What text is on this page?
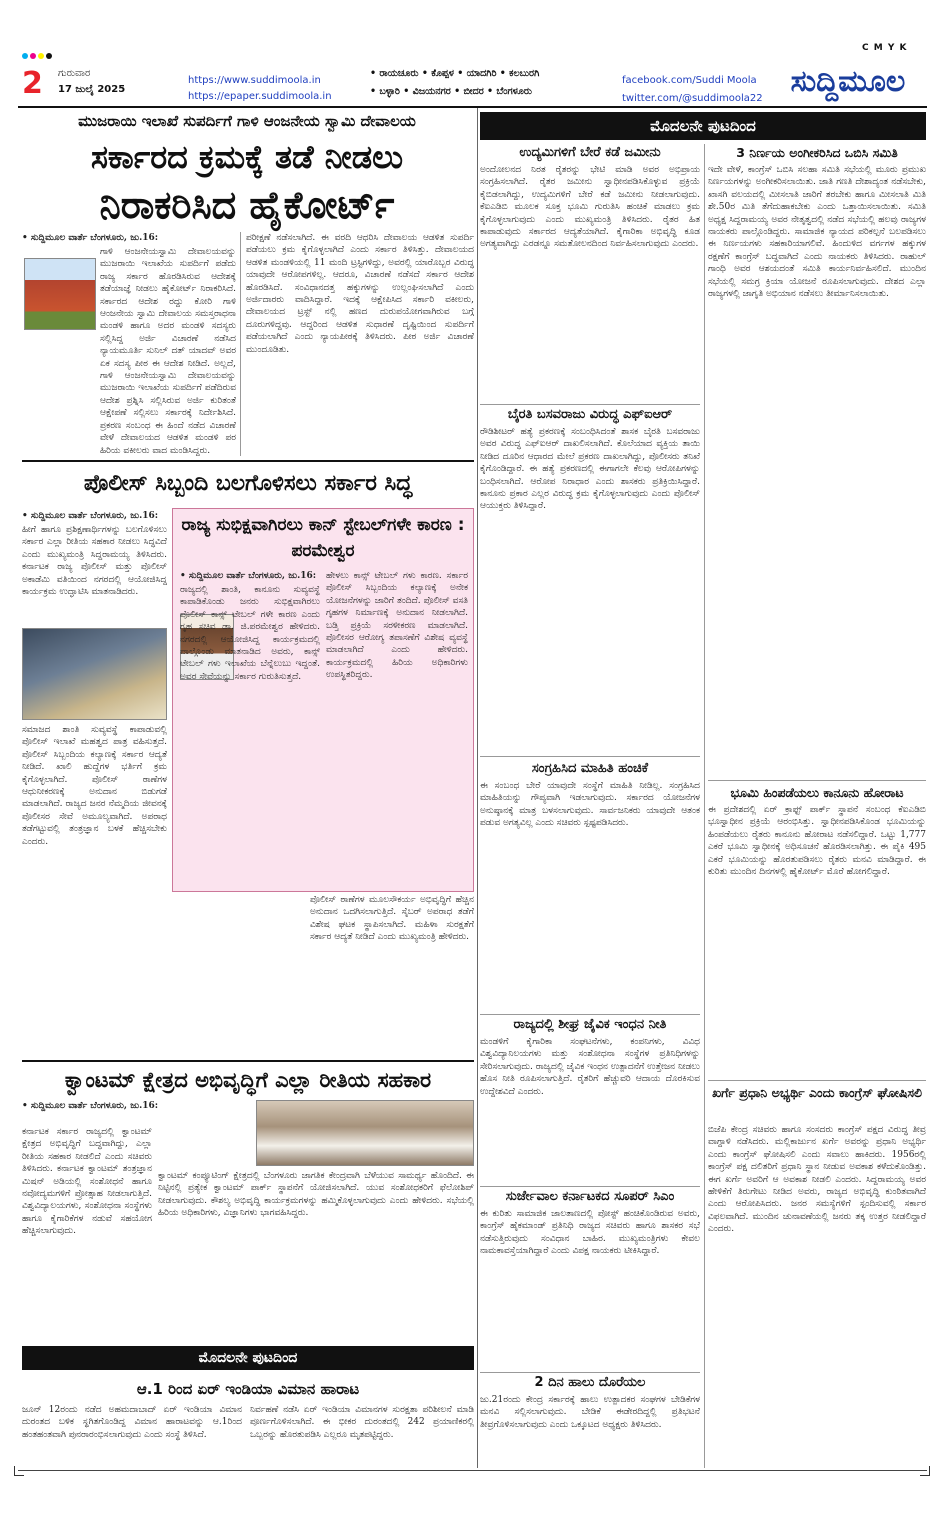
C M Y K
2	ಗುರುವಾರ
17 ಜುಲೈ 2025
https://www.suddimoola.in
https://epaper.suddimoola.in
• ರಾಯಚೂರು • ಕೊಪ್ಪಳ • ಯಾದಗಿರಿ • ಕಲಬುರಗಿ
• ಬಳ್ಳಾರಿ • ವಿಜಯನಗರ • ಬೀದರ • ಬೆಂಗಳೂರು
facebook.com/Suddi Moola
twitter.com/@suddimoola22 ಸುದ್ದಿಮೂಲ
ಮುಜರಾಯಿ ಇಲಾಖೆ ಸುಪರ್ದಿಗೆ ಗಾಳಿ ಆಂಜನೇಯ ಸ್ವಾಮಿ ದೇವಾಲಯ
ಸರ್ಕಾರದ ಕ್ರಮಕ್ಕೆ ತಡೆ ನೀಡಲು
ನಿರಾಕರಿಸಿದ ಹೈಕೋರ್ಟ್
• ಸುದ್ದಿಮೂಲ ವಾರ್ತೆ ಬೆಂಗಳೂರು, ಜು.16:
ಗಾಳಿ ಆಂಜನೇಯಸ್ವಾಮಿ ದೇವಾಲಯವನ್ನು ಮುಜರಾಯಿ ಇಲಾಖೆಯ ಸುಪರ್ದಿಗೆ ಪಡೆದು ರಾಜ್ಯ ಸರ್ಕಾರ ಹೊರಡಿಸಿರುವ ಆದೇಶಕ್ಕೆ ತಡೆಯಾಜ್ಞೆ ನೀಡಲು ಹೈಕೋರ್ಟ್ ನಿರಾಕರಿಸಿದೆ. ಸರ್ಕಾರದ ಆದೇಶ ರದ್ದು ಕೋರಿ ಗಾಳಿ ಆಂಜನೇಯ ಸ್ವಾಮಿ ದೇವಾಲಯ ಸಮಸ್ತರಾಧನಾ ಮಂಡಳಿ ಹಾಗೂ ಅದರ ಮಂಡಳಿ ಸದಸ್ಯರು ಸಲ್ಲಿಸಿದ್ದ ಅರ್ಜಿ ವಿಚಾರಣೆ ನಡೆಸಿದ ನ್ಯಾಯಮೂರ್ತಿ ಸುನಿಲ್ ದತ್ ಯಾದವ್ ಅವರ ಏಕ ಸದಸ್ಯ ಪೀಠ ಈ ಆದೇಶ ನೀಡಿದೆ. ಅಲ್ಲದೆ, ಗಾಳಿ ಆಂಜನೇಯಸ್ವಾಮಿ ದೇವಾಲಯವನ್ನು ಮುಜರಾಯಿ ಇಲಾಖೆಯ ಸುಪರ್ದಿಗೆ ಪಡೆದಿರುವ ಆದೇಶ ಪ್ರಶ್ನಿಸಿ ಸಲ್ಲಿಸಿರುವ ಅರ್ಜಿ ಕುರಿತಂತೆ ಆಕ್ಷೇಪಣೆ ಸಲ್ಲಿಸಲು ಸರ್ಕಾರಕ್ಕೆ ನಿರ್ದೇಶಿಸಿದೆ. ಪ್ರಕರಣ ಸಂಬಂಧ ಈ ಹಿಂದೆ ನಡೆದ ವಿಚಾರಣೆ ವೇಳೆ ದೇವಾಲಯದ ಆಡಳಿತ ಮಂಡಳಿ ಪರ ಹಿರಿಯ ವಕೀಲರು ವಾದ ಮಂಡಿಸಿದ್ದರು.
ಪರೀಕ್ಷಣೆ ನಡೆಸಲಾಗಿದೆ. ಈ ವರದಿ ಆಧರಿಸಿ ದೇವಾಲಯ ಆಡಳಿತ ಸುಪರ್ದಿ ಪಡೆಯಲು ಕ್ರಮ ಕೈಗೊಳ್ಳಲಾಗಿದೆ ಎಂದು ಸರ್ಕಾರ ತಿಳಿಸಿತ್ತು. ದೇವಾಲಯದ ಆಡಳಿತ ಮಂಡಳಿಯಲ್ಲಿ 11 ಮಂದಿ ಟ್ರಸ್ಟಿಗಳಿದ್ದು, ಅವರಲ್ಲಿ ಯಾರೊಬ್ಬರ ವಿರುದ್ಧ ಯಾವುದೇ ಆರೋಪಗಳಿಲ್ಲ. ಆದರೂ, ವಿಚಾರಣೆ ನಡೆಸದೆ ಸರ್ಕಾರ ಆದೇಶ ಹೊರಡಿಸಿದೆ. ಸಂವಿಧಾನದತ್ತ ಹಕ್ಕುಗಳನ್ನು ಉಲ್ಲಂಘಿಸಲಾಗಿದೆ ಎಂದು ಅರ್ಜಿದಾರರು ವಾದಿಸಿದ್ದಾರೆ. ಇದಕ್ಕೆ ಆಕ್ಷೇಪಿಸಿದ ಸರ್ಕಾರಿ ವಕೀಲರು, ದೇವಾಲಯದ ಟ್ರಸ್ಟ್ ನಲ್ಲಿ ಹಣದ ದುರುಪಯೋಗವಾಗಿರುವ ಬಗ್ಗೆ ದೂರುಗಳಿದ್ದವು. ಆದ್ದರಿಂದ ಆಡಳಿತ ಸುಧಾರಣೆ ದೃಷ್ಟಿಯಿಂದ ಸುಪರ್ದಿಗೆ ಪಡೆಯಲಾಗಿದೆ ಎಂದು ನ್ಯಾಯಪೀಠಕ್ಕೆ ತಿಳಿಸಿದರು. ಪೀಠ ಅರ್ಜಿ ವಿಚಾರಣೆ ಮುಂದೂಡಿತು.
ಪೊಲೀಸ್ ಸಿಬ್ಬಂದಿ ಬಲಗೊಳಿಸಲು ಸರ್ಕಾರ ಸಿದ್ಧ
• ಸುದ್ದಿಮೂಲ ವಾರ್ತೆ ಬೆಂಗಳೂರು, ಜು.16:
ಹೀಗೆ ಹಾಗೂ ಪ್ರಶಿಕ್ಷಣಾರ್ಥಿಗಳನ್ನು ಬಲಗೊಳಿಸಲು ಸರ್ಕಾರ ಎಲ್ಲಾ ರೀತಿಯ ಸಹಕಾರ ನೀಡಲು ಸಿದ್ಧವಿದೆ ಎಂದು ಮುಖ್ಯಮಂತ್ರಿ ಸಿದ್ದರಾಮಯ್ಯ ತಿಳಿಸಿದರು. ಕರ್ನಾಟಕ ರಾಜ್ಯ ಪೊಲೀಸ್ ಮತ್ತು ಪೊಲೀಸ್ ಅಕಾಡೆಮಿ ವತಿಯಿಂದ ನಗರದಲ್ಲಿ ಆಯೋಜಿಸಿದ್ದ ಕಾರ್ಯಕ್ರಮ ಉದ್ಘಾಟಿಸಿ ಮಾತನಾಡಿದರು.
ಸಮಾಜದ ಶಾಂತಿ ಸುವ್ಯವಸ್ಥೆ ಕಾಪಾಡುವಲ್ಲಿ ಪೊಲೀಸ್ ಇಲಾಖೆ ಮಹತ್ವದ ಪಾತ್ರ ವಹಿಸುತ್ತದೆ. ಪೊಲೀಸ್ ಸಿಬ್ಬಂದಿಯ ಕಲ್ಯಾಣಕ್ಕೆ ಸರ್ಕಾರ ಆದ್ಯತೆ ನೀಡಿದೆ. ಖಾಲಿ ಹುದ್ದೆಗಳ ಭರ್ತಿಗೆ ಕ್ರಮ ಕೈಗೊಳ್ಳಲಾಗಿದೆ. ಪೊಲೀಸ್ ಠಾಣೆಗಳ ಆಧುನೀಕರಣಕ್ಕೆ ಅನುದಾನ ಬಿಡುಗಡೆ ಮಾಡಲಾಗಿದೆ. ರಾಜ್ಯದ ಜನರ ನೆಮ್ಮದಿಯ ಜೀವನಕ್ಕೆ ಪೊಲೀಸರ ಸೇವೆ ಅಮೂಲ್ಯವಾಗಿದೆ. ಅಪರಾಧ ತಡೆಗಟ್ಟುವಲ್ಲಿ ತಂತ್ರಜ್ಞಾನ ಬಳಕೆ ಹೆಚ್ಚಿಸಬೇಕು ಎಂದರು.
ಪೊಲೀಸ್ ಠಾಣೆಗಳ ಮೂಲಸೌಕರ್ಯ ಅಭಿವೃದ್ಧಿಗೆ ಹೆಚ್ಚಿನ ಅನುದಾನ ಒದಗಿಸಲಾಗುತ್ತಿದೆ. ಸೈಬರ್ ಅಪರಾಧ ತಡೆಗೆ ವಿಶೇಷ ಘಟಕ ಸ್ಥಾಪಿಸಲಾಗಿದೆ. ಮಹಿಳಾ ಸುರಕ್ಷತೆಗೆ ಸರ್ಕಾರ ಆದ್ಯತೆ ನೀಡಿದೆ ಎಂದು ಮುಖ್ಯಮಂತ್ರಿ ಹೇಳಿದರು.
ರಾಜ್ಯ ಸುಭಿಕ್ಷವಾಗಿರಲು ಕಾನ್ ಸ್ಟೇಬಲ್‌ಗಳೇ ಕಾರಣ : ಪರಮೇಶ್ವರ
• ಸುದ್ದಿಮೂಲ ವಾರ್ತೆ ಬೆಂಗಳೂರು, ಜು.16:
ರಾಜ್ಯದಲ್ಲಿ ಶಾಂತಿ, ಕಾನೂನು ಸುವ್ಯವಸ್ಥೆ ಕಾಪಾಡಿಕೊಂಡು ಜನರು ಸುಭಿಕ್ಷವಾಗಿರಲು ಪೊಲೀಸ್ ಕಾನ್ಸ್ ಟೇಬಲ್ ಗಳೇ ಕಾರಣ ಎಂದು ಗೃಹ ಸಚಿವ ಡಾ. ಜಿ.ಪರಮೇಶ್ವರ ಹೇಳಿದರು. ನಗರದಲ್ಲಿ ಆಯೋಜಿಸಿದ್ದ ಕಾರ್ಯಕ್ರಮದಲ್ಲಿ ಪಾಲ್ಗೊಂಡು ಮಾತನಾಡಿದ ಅವರು, ಕಾನ್ಸ್ ಟೇಬಲ್ ಗಳು ಇಲಾಖೆಯ ಬೆನ್ನೆಲುಬು ಇದ್ದಂತೆ. ಅವರ ಸೇವೆಯನ್ನು ಸರ್ಕಾರ ಗುರುತಿಸುತ್ತದೆ.
ಹೇಳಲು ಕಾನ್ಸ್ ಟೇಬಲ್ ಗಳು ಕಾರಣ. ಸರ್ಕಾರ ಪೊಲೀಸ್ ಸಿಬ್ಬಂದಿಯ ಕಲ್ಯಾಣಕ್ಕೆ ಅನೇಕ ಯೋಜನೆಗಳನ್ನು ಜಾರಿಗೆ ತಂದಿದೆ. ಪೊಲೀಸ್ ವಸತಿ ಗೃಹಗಳ ನಿರ್ಮಾಣಕ್ಕೆ ಅನುದಾನ ನೀಡಲಾಗಿದೆ. ಬಡ್ತಿ ಪ್ರಕ್ರಿಯೆ ಸರಳೀಕರಣ ಮಾಡಲಾಗಿದೆ. ಪೊಲೀಸರ ಆರೋಗ್ಯ ತಪಾಸಣೆಗೆ ವಿಶೇಷ ವ್ಯವಸ್ಥೆ ಮಾಡಲಾಗಿದೆ ಎಂದು ಹೇಳಿದರು. ಕಾರ್ಯಕ್ರಮದಲ್ಲಿ ಹಿರಿಯ ಅಧಿಕಾರಿಗಳು ಉಪಸ್ಥಿತರಿದ್ದರು.
ಕ್ವಾಂಟಮ್ ಕ್ಷೇತ್ರದ ಅಭಿವೃದ್ಧಿಗೆ ಎಲ್ಲಾ ರೀತಿಯ ಸಹಕಾರ
• ಸುದ್ದಿಮೂಲ ವಾರ್ತೆ ಬೆಂಗಳೂರು, ಜು.16:
ಕರ್ನಾಟಕ ಸರ್ಕಾರ ರಾಜ್ಯದಲ್ಲಿ ಕ್ವಾಂಟಮ್ ಕ್ಷೇತ್ರದ ಅಭಿವೃದ್ಧಿಗೆ ಬದ್ಧವಾಗಿದ್ದು, ಎಲ್ಲಾ ರೀತಿಯ ಸಹಕಾರ ನೀಡಲಿದೆ ಎಂದು ಸಚಿವರು ತಿಳಿಸಿದರು. ಕರ್ನಾಟಕ ಕ್ವಾಂಟಮ್ ತಂತ್ರಜ್ಞಾನ ಮಿಷನ್ ಅಡಿಯಲ್ಲಿ ಸಂಶೋಧನೆ ಹಾಗೂ ನವೋದ್ಯಮಗಳಿಗೆ ಪ್ರೋತ್ಸಾಹ ನೀಡಲಾಗುತ್ತಿದೆ. ವಿಶ್ವವಿದ್ಯಾಲಯಗಳು, ಸಂಶೋಧನಾ ಸಂಸ್ಥೆಗಳು ಹಾಗೂ ಕೈಗಾರಿಕೆಗಳ ನಡುವೆ ಸಹಯೋಗ ಹೆಚ್ಚಿಸಲಾಗುವುದು.
ಕ್ವಾಂಟಮ್ ಕಂಪ್ಯೂಟಿಂಗ್ ಕ್ಷೇತ್ರದಲ್ಲಿ ಬೆಂಗಳೂರು ಜಾಗತಿಕ ಕೇಂದ್ರವಾಗಿ ಬೆಳೆಯುವ ಸಾಮರ್ಥ್ಯ ಹೊಂದಿದೆ. ಈ ನಿಟ್ಟಿನಲ್ಲಿ ಪ್ರತ್ಯೇಕ ಕ್ವಾಂಟಮ್ ಪಾರ್ಕ್ ಸ್ಥಾಪನೆಗೆ ಯೋಜಿಸಲಾಗಿದೆ. ಯುವ ಸಂಶೋಧಕರಿಗೆ ಫೆಲೋಶಿಪ್ ನೀಡಲಾಗುವುದು. ಕೌಶಲ್ಯ ಅಭಿವೃದ್ಧಿ ಕಾರ್ಯಕ್ರಮಗಳನ್ನು ಹಮ್ಮಿಕೊಳ್ಳಲಾಗುವುದು ಎಂದು ಹೇಳಿದರು. ಸಭೆಯಲ್ಲಿ ಹಿರಿಯ ಅಧಿಕಾರಿಗಳು, ವಿಜ್ಞಾನಿಗಳು ಭಾಗವಹಿಸಿದ್ದರು.
ಮೊದಲನೇ ಪುಟದಿಂದ
ಆ.1 ರಿಂದ ಏರ್ ಇಂಡಿಯಾ ವಿಮಾನ ಹಾರಾಟ
ಜೂನ್ 12ರಂದು ನಡೆದ ಅಹಮದಾಬಾದ್ ಏರ್ ಇಂಡಿಯಾ ವಿಮಾನ ದುರಂತದ ಬಳಿಕ ಸ್ಥಗಿತಗೊಂಡಿದ್ದ ವಿಮಾನ ಹಾರಾಟವನ್ನು ಆ.1ರಿಂದ ಹಂತಹಂತವಾಗಿ ಪುನರಾರಂಭಿಸಲಾಗುವುದು ಎಂದು ಸಂಸ್ಥೆ ತಿಳಿಸಿದೆ.
ನಿರ್ವಹಣೆ ನಡೆಸಿ ಏರ್ ಇಂಡಿಯಾ ವಿಮಾನಗಳ ಸುರಕ್ಷತಾ ಪರಿಶೀಲನೆ ಮಾಡಿ ಪೂರ್ಣಗೊಳಿಸಲಾಗಿದೆ. ಈ ಭೀಕರ ದುರಂತದಲ್ಲಿ 242 ಪ್ರಯಾಣಿಕರಲ್ಲಿ ಒಬ್ಬರನ್ನು ಹೊರತುಪಡಿಸಿ ಎಲ್ಲರೂ ಮೃತಪಟ್ಟಿದ್ದರು.
ಮೊದಲನೇ ಪುಟದಿಂದ
ಉದ್ಯಮಿಗಳಿಗೆ ಬೇರೆ ಕಡೆ ಜಮೀನು
ಅಂದೋಲನದ ನಿರತ ರೈತರನ್ನು ಭೇಟಿ ಮಾಡಿ ಅವರ ಅಭಿಪ್ರಾಯ ಸಂಗ್ರಹಿಸಲಾಗಿದೆ. ರೈತರ ಜಮೀನು ಸ್ವಾಧೀನಪಡಿಸಿಕೊಳ್ಳುವ ಪ್ರಕ್ರಿಯೆ ಕೈಬಿಡಲಾಗಿದ್ದು, ಉದ್ಯಮಿಗಳಿಗೆ ಬೇರೆ ಕಡೆ ಜಮೀನು ನೀಡಲಾಗುವುದು. ಕೆಐಎಡಿಬಿ ಮೂಲಕ ಸೂಕ್ತ ಭೂಮಿ ಗುರುತಿಸಿ ಹಂಚಿಕೆ ಮಾಡಲು ಕ್ರಮ ಕೈಗೊಳ್ಳಲಾಗುವುದು ಎಂದು ಮುಖ್ಯಮಂತ್ರಿ ತಿಳಿಸಿದರು. ರೈತರ ಹಿತ ಕಾಪಾಡುವುದು ಸರ್ಕಾರದ ಆದ್ಯತೆಯಾಗಿದೆ. ಕೈಗಾರಿಕಾ ಅಭಿವೃದ್ಧಿ ಕೂಡ ಅಗತ್ಯವಾಗಿದ್ದು ಎರಡನ್ನೂ ಸಮತೋಲನದಿಂದ ನಿರ್ವಹಿಸಲಾಗುವುದು ಎಂದರು.
ಬೈರತಿ ಬಸವರಾಜು ವಿರುದ್ಧ ಎಫ್ಐಆರ್
ರೌಡಿಶೀಟರ್ ಹತ್ಯೆ ಪ್ರಕರಣಕ್ಕೆ ಸಂಬಂಧಿಸಿದಂತೆ ಶಾಸಕ ಬೈರತಿ ಬಸವರಾಜು ಅವರ ವಿರುದ್ಧ ಎಫ್ಐಆರ್ ದಾಖಲಿಸಲಾಗಿದೆ. ಕೊಲೆಯಾದ ವ್ಯಕ್ತಿಯ ತಾಯಿ ನೀಡಿದ ದೂರಿನ ಆಧಾರದ ಮೇಲೆ ಪ್ರಕರಣ ದಾಖಲಾಗಿದ್ದು, ಪೊಲೀಸರು ತನಿಖೆ ಕೈಗೊಂಡಿದ್ದಾರೆ. ಈ ಹತ್ಯೆ ಪ್ರಕರಣದಲ್ಲಿ ಈಗಾಗಲೇ ಕೆಲವು ಆರೋಪಿಗಳನ್ನು ಬಂಧಿಸಲಾಗಿದೆ. ಆರೋಪ ನಿರಾಧಾರ ಎಂದು ಶಾಸಕರು ಪ್ರತಿಕ್ರಿಯಿಸಿದ್ದಾರೆ. ಕಾನೂನು ಪ್ರಕಾರ ಎಲ್ಲರ ವಿರುದ್ಧ ಕ್ರಮ ಕೈಗೊಳ್ಳಲಾಗುವುದು ಎಂದು ಪೊಲೀಸ್ ಆಯುಕ್ತರು ತಿಳಿಸಿದ್ದಾರೆ.
ಸಂಗ್ರಹಿಸಿದ ಮಾಹಿತಿ ಹಂಚಿಕೆ
ಈ ಸಂಬಂಧ ಬೇರೆ ಯಾವುದೇ ಸಂಸ್ಥೆಗೆ ಮಾಹಿತಿ ನೀಡಿಲ್ಲ. ಸಂಗ್ರಹಿಸಿದ ಮಾಹಿತಿಯನ್ನು ಗೌಪ್ಯವಾಗಿ ಇಡಲಾಗುವುದು. ಸರ್ಕಾರದ ಯೋಜನೆಗಳ ಅನುಷ್ಠಾನಕ್ಕೆ ಮಾತ್ರ ಬಳಸಲಾಗುವುದು. ಸಾರ್ವಜನಿಕರು ಯಾವುದೇ ಆತಂಕ ಪಡುವ ಅಗತ್ಯವಿಲ್ಲ ಎಂದು ಸಚಿವರು ಸ್ಪಷ್ಟಪಡಿಸಿದರು.
ರಾಜ್ಯದಲ್ಲಿ ಶೀಘ್ರ ಜೈವಿಕ ಇಂಧನ ನೀತಿ
ಮಂಡಳಿಗೆ ಕೈಗಾರಿಕಾ ಸಂಘಟನೆಗಳು, ಕಂಪನಿಗಳು, ವಿವಿಧ ವಿಶ್ವವಿದ್ಯಾನಿಲಯಗಳು ಮತ್ತು ಸಂಶೋಧನಾ ಸಂಸ್ಥೆಗಳ ಪ್ರತಿನಿಧಿಗಳನ್ನು ಸೇರಿಸಲಾಗುವುದು. ರಾಜ್ಯದಲ್ಲಿ ಜೈವಿಕ ಇಂಧನ ಉತ್ಪಾದನೆಗೆ ಉತ್ತೇಜನ ನೀಡಲು ಹೊಸ ನೀತಿ ರೂಪಿಸಲಾಗುತ್ತಿದೆ. ರೈತರಿಗೆ ಹೆಚ್ಚುವರಿ ಆದಾಯ ದೊರಕಿಸುವ ಉದ್ದೇಶವಿದೆ ಎಂದರು.
ಸುರ್ಜೇವಾಲ ಕರ್ನಾಟಕದ ಸೂಪರ್ ಸಿಎಂ
ಈ ಕುರಿತು ಸಾಮಾಜಿಕ ಜಾಲತಾಣದಲ್ಲಿ ಪೋಸ್ಟ್ ಹಂಚಿಕೊಂಡಿರುವ ಅವರು, ಕಾಂಗ್ರೆಸ್ ಹೈಕಮಾಂಡ್ ಪ್ರತಿನಿಧಿ ರಾಜ್ಯದ ಸಚಿವರು ಹಾಗೂ ಶಾಸಕರ ಸಭೆ ನಡೆಸುತ್ತಿರುವುದು ಸಂವಿಧಾನ ಬಾಹಿರ. ಮುಖ್ಯಮಂತ್ರಿಗಳು ಕೇವಲ ನಾಮಕಾವಸ್ತೆಯಾಗಿದ್ದಾರೆ ಎಂದು ವಿಪಕ್ಷ ನಾಯಕರು ಟೀಕಿಸಿದ್ದಾರೆ.
2 ದಿನ ಹಾಲು ದೊರೆಯಲ
ಜು.21ರಂದು ಕೇಂದ್ರ ಸರ್ಕಾರಕ್ಕೆ ಹಾಲು ಉತ್ಪಾದಕರ ಸಂಘಗಳ ಬೇಡಿಕೆಗಳ ಮನವಿ ಸಲ್ಲಿಸಲಾಗುವುದು. ಬೇಡಿಕೆ ಈಡೇರದಿದ್ದಲ್ಲಿ ಪ್ರತಿಭಟನೆ ತೀವ್ರಗೊಳಿಸಲಾಗುವುದು ಎಂದು ಒಕ್ಕೂಟದ ಅಧ್ಯಕ್ಷರು ತಿಳಿಸಿದರು.
3 ನಿರ್ಣಯ ಅಂಗೀಕರಿಸಿದ ಒಬಿಸಿ ಸಮಿತಿ
ಇದೇ ವೇಳೆ, ಕಾಂಗ್ರೆಸ್ ಒಬಿಸಿ ಸಲಹಾ ಸಮಿತಿ ಸಭೆಯಲ್ಲಿ ಮೂರು ಪ್ರಮುಖ ನಿರ್ಣಯಗಳನ್ನು ಅಂಗೀಕರಿಸಲಾಯಿತು. ಜಾತಿ ಗಣತಿ ದೇಶಾದ್ಯಂತ ನಡೆಸಬೇಕು, ಖಾಸಗಿ ವಲಯದಲ್ಲಿ ಮೀಸಲಾತಿ ಜಾರಿಗೆ ತರಬೇಕು ಹಾಗೂ ಮೀಸಲಾತಿ ಮಿತಿ ಶೇ.50ರ ಮಿತಿ ತೆಗೆದುಹಾಕಬೇಕು ಎಂದು ಒತ್ತಾಯಿಸಲಾಯಿತು. ಸಮಿತಿ ಅಧ್ಯಕ್ಷ ಸಿದ್ದರಾಮಯ್ಯ ಅವರ ನೇತೃತ್ವದಲ್ಲಿ ನಡೆದ ಸಭೆಯಲ್ಲಿ ಹಲವು ರಾಜ್ಯಗಳ ನಾಯಕರು ಪಾಲ್ಗೊಂಡಿದ್ದರು. ಸಾಮಾಜಿಕ ನ್ಯಾಯದ ಪರಿಕಲ್ಪನೆ ಬಲಪಡಿಸಲು ಈ ನಿರ್ಣಯಗಳು ಸಹಕಾರಿಯಾಗಲಿವೆ. ಹಿಂದುಳಿದ ವರ್ಗಗಳ ಹಕ್ಕುಗಳ ರಕ್ಷಣೆಗೆ ಕಾಂಗ್ರೆಸ್ ಬದ್ಧವಾಗಿದೆ ಎಂದು ನಾಯಕರು ತಿಳಿಸಿದರು. ರಾಹುಲ್ ಗಾಂಧಿ ಅವರ ಆಶಯದಂತೆ ಸಮಿತಿ ಕಾರ್ಯನಿರ್ವಹಿಸಲಿದೆ. ಮುಂದಿನ ಸಭೆಯಲ್ಲಿ ಸಮಗ್ರ ಕ್ರಿಯಾ ಯೋಜನೆ ರೂಪಿಸಲಾಗುವುದು. ದೇಶದ ಎಲ್ಲಾ ರಾಜ್ಯಗಳಲ್ಲಿ ಜಾಗೃತಿ ಅಭಿಯಾನ ನಡೆಸಲು ತೀರ್ಮಾನಿಸಲಾಯಿತು.
ಭೂಮಿ ಹಿಂಪಡೆಯಲು ಕಾನೂನು ಹೋರಾಟ
ಈ ಪ್ರದೇಶದಲ್ಲಿ ಏರ್ ಕ್ರಾಫ್ಟ್ ಪಾರ್ಕ್ ಸ್ಥಾಪನೆ ಸಂಬಂಧ ಕೆಐಎಡಿಬಿ ಭೂಸ್ವಾಧೀನ ಪ್ರಕ್ರಿಯೆ ಆರಂಭಿಸಿತ್ತು. ಸ್ವಾಧೀನಪಡಿಸಿಕೊಂಡ ಭೂಮಿಯನ್ನು ಹಿಂಪಡೆಯಲು ರೈತರು ಕಾನೂನು ಹೋರಾಟ ನಡೆಸಲಿದ್ದಾರೆ. ಒಟ್ಟು 1,777 ಎಕರೆ ಭೂಮಿ ಸ್ವಾಧೀನಕ್ಕೆ ಅಧಿಸೂಚನೆ ಹೊರಡಿಸಲಾಗಿತ್ತು. ಈ ಪೈಕಿ 495 ಎಕರೆ ಭೂಮಿಯನ್ನು ಹೊರತುಪಡಿಸಲು ರೈತರು ಮನವಿ ಮಾಡಿದ್ದಾರೆ. ಈ ಕುರಿತು ಮುಂದಿನ ದಿನಗಳಲ್ಲಿ ಹೈಕೋರ್ಟ್ ಮೊರೆ ಹೋಗಲಿದ್ದಾರೆ.
ಖರ್ಗೆ ಪ್ರಧಾನಿ ಅಭ್ಯರ್ಥಿ ಎಂದು ಕಾಂಗ್ರೆಸ್ ಘೋಷಿಸಲಿ
ಬಿಜೆಪಿ ಕೇಂದ್ರ ಸಚಿವರು ಹಾಗೂ ಸಂಸದರು ಕಾಂಗ್ರೆಸ್ ಪಕ್ಷದ ವಿರುದ್ಧ ತೀವ್ರ ವಾಗ್ದಾಳಿ ನಡೆಸಿದರು. ಮಲ್ಲಿಕಾರ್ಜುನ ಖರ್ಗೆ ಅವರನ್ನು ಪ್ರಧಾನಿ ಅಭ್ಯರ್ಥಿ ಎಂದು ಕಾಂಗ್ರೆಸ್ ಘೋಷಿಸಲಿ ಎಂದು ಸವಾಲು ಹಾಕಿದರು. 1956ರಲ್ಲಿ ಕಾಂಗ್ರೆಸ್ ಪಕ್ಷ ದಲಿತರಿಗೆ ಪ್ರಧಾನಿ ಸ್ಥಾನ ನೀಡುವ ಅವಕಾಶ ಕಳೆದುಕೊಂಡಿತ್ತು. ಈಗ ಖರ್ಗೆ ಅವರಿಗೆ ಆ ಅವಕಾಶ ನೀಡಲಿ ಎಂದರು. ಸಿದ್ದರಾಮಯ್ಯ ಅವರ ಹೇಳಿಕೆಗೆ ತಿರುಗೇಟು ನೀಡಿದ ಅವರು, ರಾಜ್ಯದ ಅಭಿವೃದ್ಧಿ ಕುಂಠಿತವಾಗಿದೆ ಎಂದು ಆರೋಪಿಸಿದರು. ಜನರ ಸಮಸ್ಯೆಗಳಿಗೆ ಸ್ಪಂದಿಸುವಲ್ಲಿ ಸರ್ಕಾರ ವಿಫಲವಾಗಿದೆ. ಮುಂದಿನ ಚುನಾವಣೆಯಲ್ಲಿ ಜನರು ತಕ್ಕ ಉತ್ತರ ನೀಡಲಿದ್ದಾರೆ ಎಂದರು.
